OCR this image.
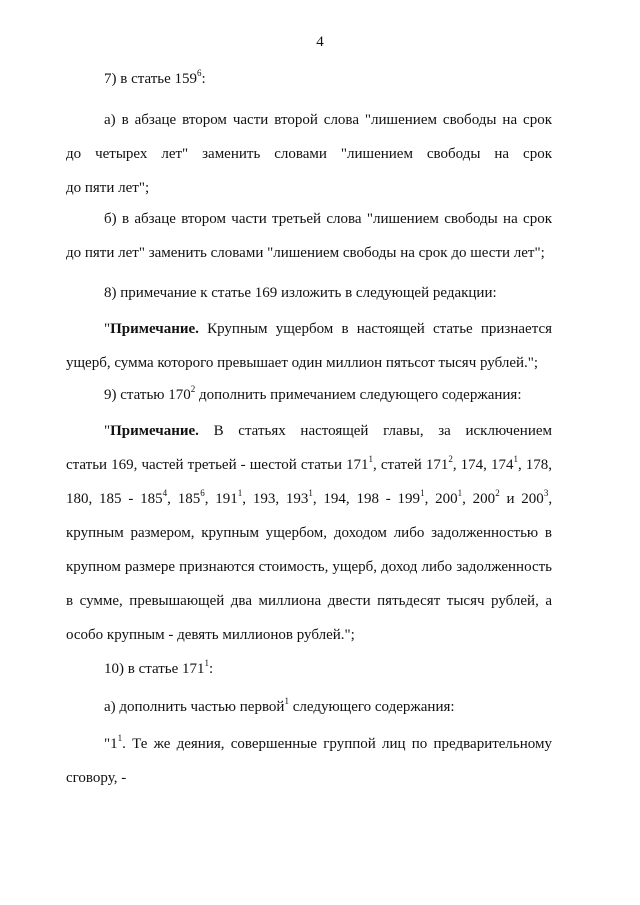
4
7) в статье $159^6$:
а) в абзаце втором части второй слова "лишением свободы на срок
до четырех лет" заменить словами "лишением свободы на срок
до пяти лет";
б) в абзаце втором части третьей слова "лишением свободы на срок
до пяти лет" заменить словами "лишением свободы на срок до шести лет";
8) примечание к статье 169 изложить в следующей редакции:
"Примечание. Крупным ущербом в настоящей статье признается
ущерб, сумма которого превышает один миллион пятьсот тысяч рублей.";
9) статью $170^2$ дополнить примечанием следующего содержания:
"Примечание. В статьях настоящей главы, за исключением
статьи 169, частей третьей - шестой статьи $171^1$, статей $171^2$, 174, $174^1$, 178,
180, $185 - 185^4$, $185^6$, $191^1$, 193, $193^1$, 194, $198 - 199^1$, $200^1$, $200^2$ и $200^3$,
крупным размером, крупным ущербом, доходом либо задолженностью в
крупном размере признаются стоимость, ущерб, доход либо задолженность
в сумме, превышающей два миллиона двести пятьдесят тысяч рублей, а
особо крупным - девять миллионов рублей.";
10) в статье $171^1$:
а) дополнить частью первой$^1$ следующего содержания:
"$1^1$. Те же деяния, совершенные группой лиц по предварительному
сговору, -
